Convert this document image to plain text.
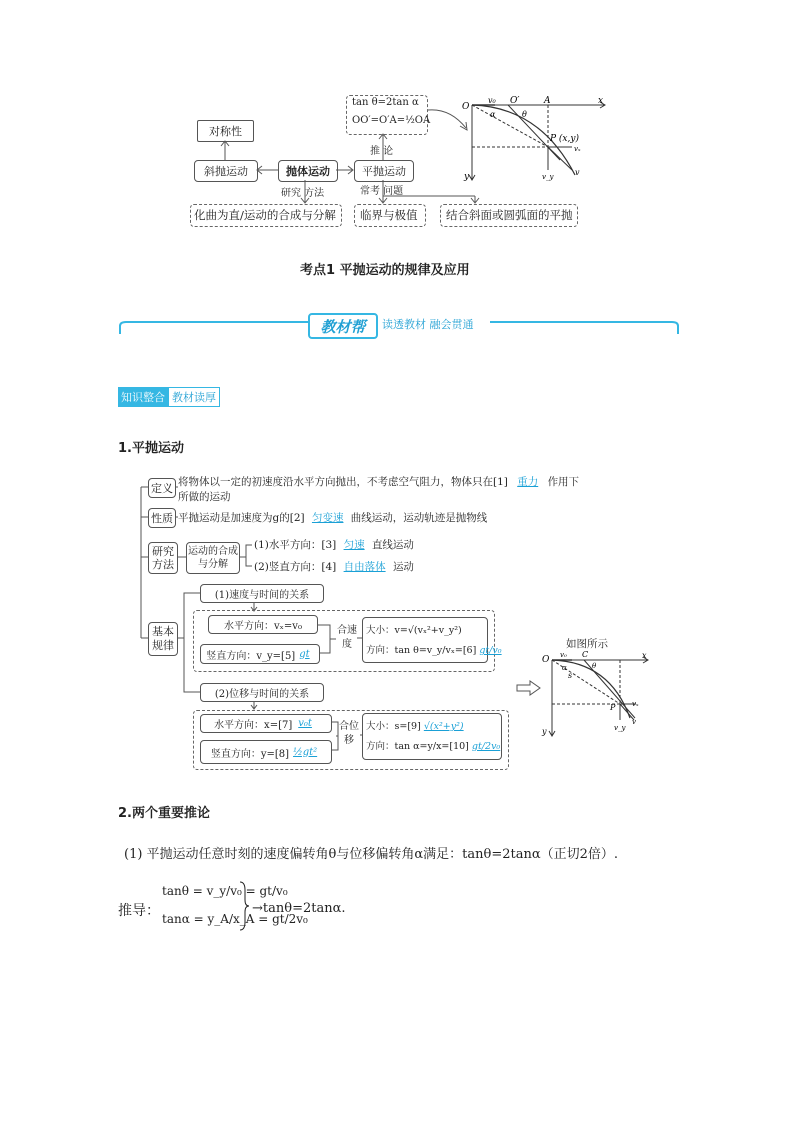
对称性
斜抛运动	抛体运动	平抛运动
tan θ=2tan α
OO′=O′A=½OA
推 论
研究 方法	常考 问题
化曲为直/运动的合成与分解 临界与极值 结合斜面或圆弧面的平抛
O
v₀ O′	A	x
y
P (x,y)
θ
α
vₓ
v_y	v
考点1 平抛运动的规律及应用
教材帮 读透教材 融会贯通
知识整合 教材读厚
1.平抛运动
定义 将物体以一定的初速度沿水平方向抛出，不考虑空气阻力，物体只在[1] 重力 作用下
所做的运动
性质 平抛运动是加速度为g的[2] 匀变速 曲线运动，运动轨迹是抛物线
研究方法
运动的合成与分解
(1)水平方向：[3] 匀速 直线运动
(2)竖直方向：[4] 自由落体 运动
基本规律
(1)速度与时间的关系
水平方向：vₓ=v₀
竖直方向：v_y=[5] gt
合速度
大小：v=√(vₓ²+v_y²)
方向：tan θ=v_y/vₓ=[6] gt/v₀
(2)位移与时间的关系
水平方向：x=[7] v₀t
竖直方向：y=[8] ½gt²
合位移
大小：s=[9] √(x²+y²)
方向：tan α=y/x=[10] gt/2v₀
如图所示
O v₀ C
θ
x
y
s
α
P vₓ
v_y
v
2.两个重要推论
(1) 平抛运动任意时刻的速度偏转角θ与位移偏转角α满足：tanθ=2tanα（正切2倍）.
推导：
tanθ = v_y/v₀ = gt/v₀
tanα = y_A/x_A = gt/2v₀
→tanθ=2tanα.
